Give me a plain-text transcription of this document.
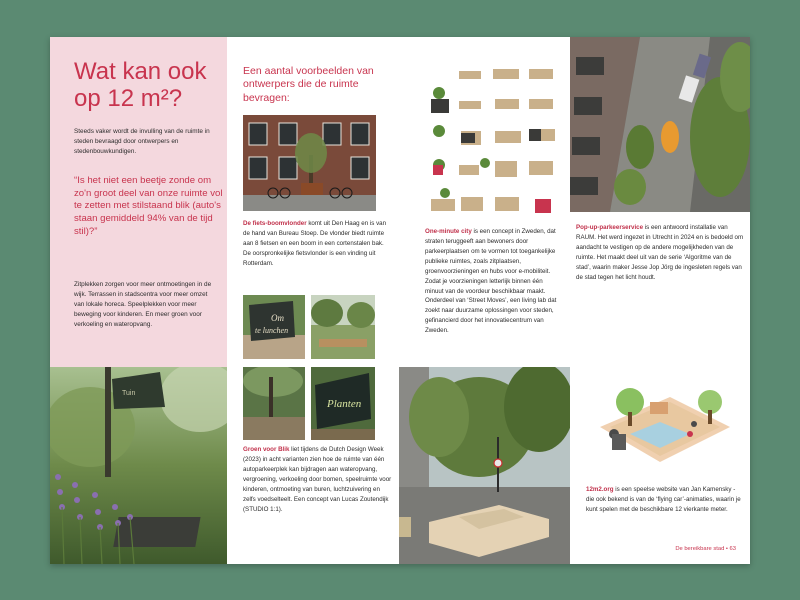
Wat kan ook op 12 m²?
Steeds vaker wordt de invulling van de ruimte in steden bevraagd door ontwerpers en stedenbouwkundigen.
“Is het niet een beetje zonde om zo'n groot deel van onze ruimte vol te zetten met stilstaand blik (auto's staan gemiddeld 94% van de tijd stil)?”
Zitplekken zorgen voor meer ontmoetingen in de wijk. Terrassen in stadscentra voor meer omzet van lokale horeca. Speelplekken voor meer beweging voor kinderen. En meer groen voor verkoeling en wateropvang.
Tuin
Een aantal voorbeelden van ontwerpers die de ruimte bevragen:
De fiets-boomvlonder komt uit Den Haag en is van de hand van Bureau Stoep. De vlonder biedt ruimte aan 8 fietsen en een boom in een cortenstalen bak. De oorspronkelijke fietsvlonder is een vinding uit Rotterdam.
Om
te lunchen
Planten
Groen voor Blik liet tijdens de Dutch Design Week (2023) in acht varianten zien hoe de ruimte van één autoparkeerplek kan bijdragen aan wateropvang, vergroening, verkoeling door bomen, speelruimte voor kinderen, ontmoeting van buren, luchtzuivering en zelfs voedselteelt. Een concept van Lucas Zoutendijk (STUDIO 1:1).
One-minute city is een concept in Zweden, dat straten teruggeeft aan bewoners door parkeerplaatsen om te vormen tot toegankelijke publieke ruimtes, zoals zitplaatsen, groenvoorzieningen en hubs voor e-mobiliteit. Zodat je voorzieningen letterlijk binnen één minuut van de voordeur beschikbaar maakt. Onderdeel van ‘Street Moves’, een living lab dat zoekt naar duurzame oplossingen voor steden, gefinancierd door het innovatiecentrum van Zweden.
Pop-up-parkeerservice is een antwoord installatie van RAUM. Het werd ingezet in Utrecht in 2024 en is bedoeld om aandacht te vestigen op de andere mogelijkheden van de ruimte. Het maakt deel uit van de serie ‘Algoritme van de stad’, waarin maker Jesse Jop Jörg de ingesleten regels van de stad tegen het licht houdt.
12m2.org is een speelse website van Jan Kamensky - die ook bekend is van de ‘flying car’-animaties, waarin je kunt spelen met de beschikbare 12 vierkante meter.
De bereikbare stad • 63
